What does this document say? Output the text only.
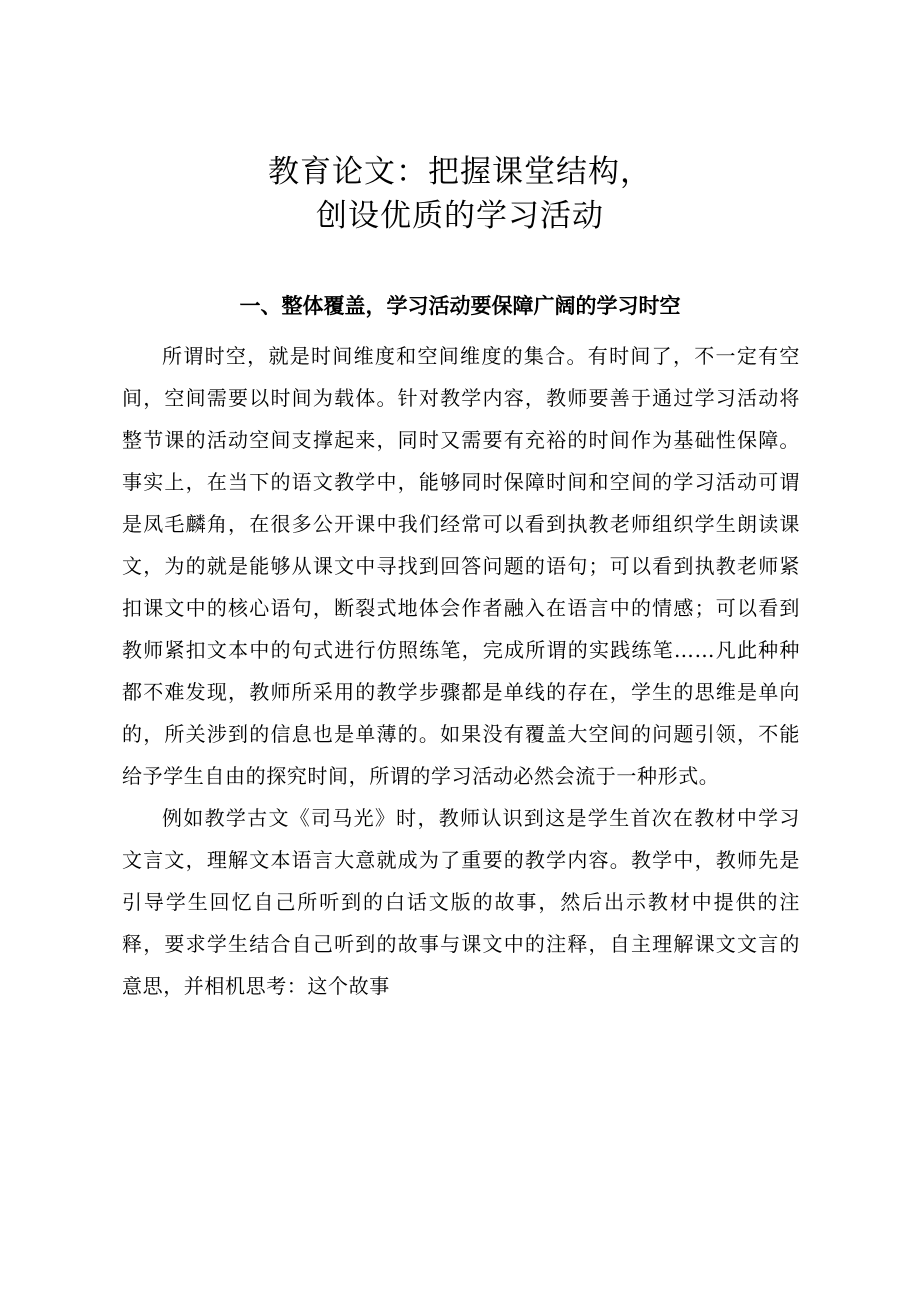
教育论文：把握课堂结构，
创设优质的学习活动
一、整体覆盖，学习活动要保障广阔的学习时空

所谓时空，就是时间维度和空间维度的集合。有时间了，不一定有空间，空间需要以时间为载体。针对教学内容，教师要善于通过学习活动将整节课的活动空间支撑起来，同时又需要有充裕的时间作为基础性保障。事实上，在当下的语文教学中，能够同时保障时间和空间的学习活动可谓是凤毛麟角，在很多公开课中我们经常可以看到执教老师组织学生朗读课文，为的就是能够从课文中寻找到回答问题的语句；可以看到执教老师紧扣课文中的核心语句，断裂式地体会作者融入在语言中的情感；可以看到教师紧扣文本中的句式进行仿照练笔，完成所谓的实践练笔……凡此种种都不难发现，教师所采用的教学步骤都是单线的存在，学生的思维是单向的，所关涉到的信息也是单薄的。如果没有覆盖大空间的问题引领，不能给予学生自由的探究时间，所谓的学习活动必然会流于一种形式。

例如教学古文《司马光》时，教师认识到这是学生首次在教材中学习文言文，理解文本语言大意就成为了重要的教学内容。教学中，教师先是引导学生回忆自己所听到的白话文版的故事，然后出示教材中提供的注释，要求学生结合自己听到的故事与课文中的注释，自主理解课文文言的意思，并相机思考：这个故事
